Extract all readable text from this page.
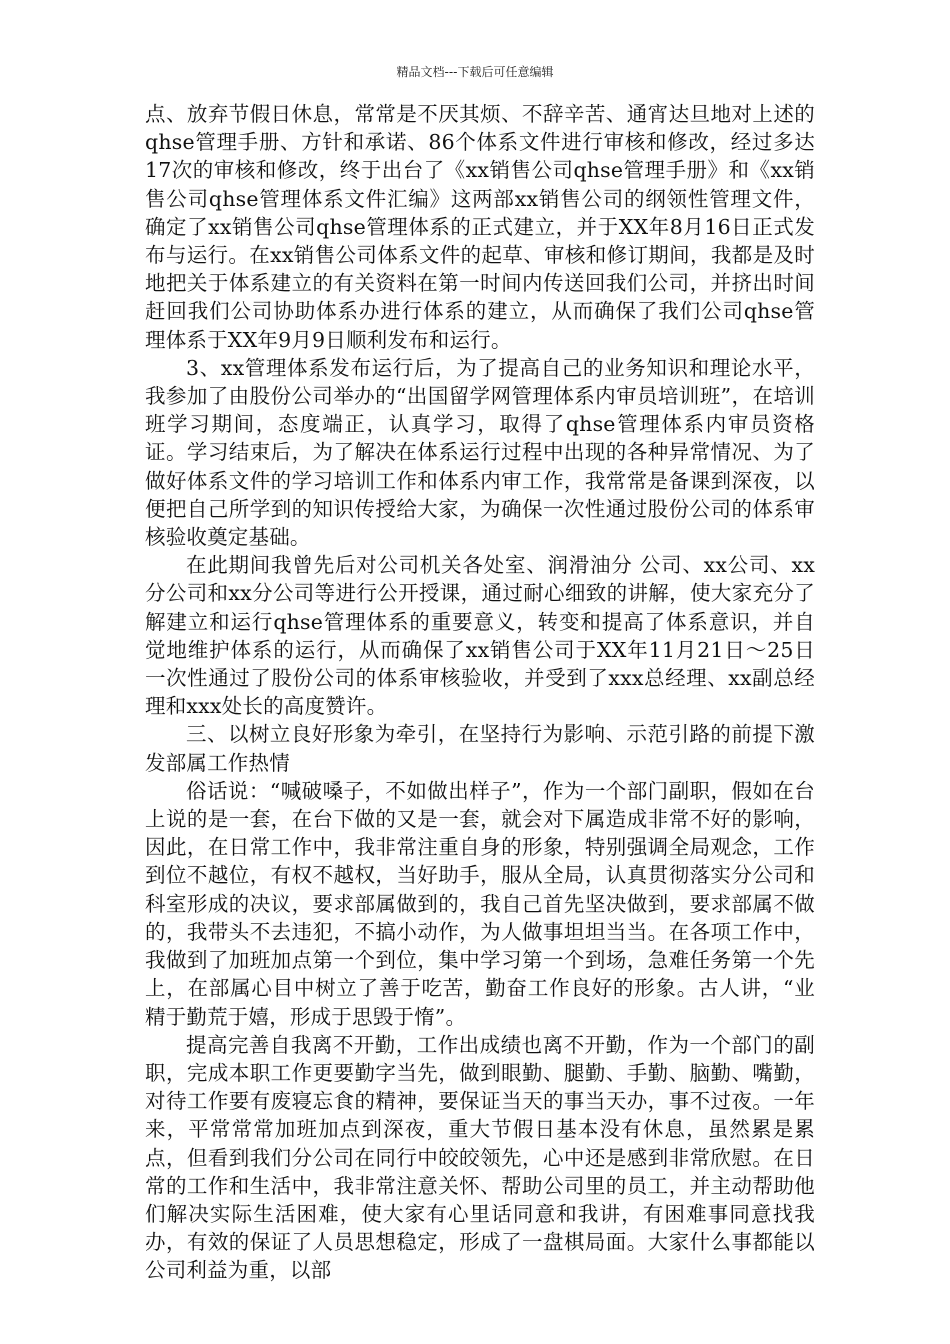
精品文档---下载后可任意编辑

点、放弃节假日休息，常常是不厌其烦、不辞辛苦、通宵达旦地对上述的qhse管理手册、方针和承诺、86个体系文件进行审核和修改，经过多达17次的审核和修改，终于出台了《xx销售公司qhse管理手册》和《xx销售公司qhse管理体系文件汇编》这两部xx销售公司的纲领性管理文件，确定了xx销售公司qhse管理体系的正式建立，并于XX年8月16日正式发布与运行。在xx销售公司体系文件的起草、审核和修订期间，我都是及时地把关于体系建立的有关资料在第一时间内传送回我们公司，并挤出时间赶回我们公司协助体系办进行体系的建立，从而确保了我们公司qhse管理体系于XX年9月9日顺利发布和运行。

3、xx管理体系发布运行后，为了提高自己的业务知识和理论水平，我参加了由股份公司举办的“出国留学网管理体系内审员培训班”，在培训班学习期间，态度端正，认真学习，取得了qhse管理体系内审员资格证。学习结束后，为了解决在体系运行过程中出现的各种异常情况、为了做好体系文件的学习培训工作和体系内审工作，我常常是备课到深夜，以便把自己所学到的知识传授给大家，为确保一次性通过股份公司的体系审核验收奠定基础。

在此期间我曾先后对公司机关各处室、润滑油分 公司、xx公司、xx分公司和xx分公司等进行公开授课，通过耐心细致的讲解，使大家充分了解建立和运行qhse管理体系的重要意义，转变和提高了体系意识，并自觉地维护体系的运行，从而确保了xx销售公司于XX年11月21日～25日一次性通过了股份公司的体系审核验收，并受到了xxx总经理、xx副总经理和xxx处长的高度赞许。

三、以树立良好形象为牵引，在坚持行为影响、示范引路的前提下激发部属工作热情

俗话说：“喊破嗓子，不如做出样子”，作为一个部门副职，假如在台上说的是一套，在台下做的又是一套，就会对下属造成非常不好的影响，因此，在日常工作中，我非常注重自身的形象，特别强调全局观念，工作到位不越位，有权不越权，当好助手，服从全局，认真贯彻落实分公司和科室形成的决议，要求部属做到的，我自己首先坚决做到，要求部属不做的，我带头不去违犯，不搞小动作，为人做事坦坦当当。在各项工作中，我做到了加班加点第一个到位，集中学习第一个到场，急难任务第一个先上，在部属心目中树立了善于吃苦，勤奋工作良好的形象。古人讲，“业精于勤荒于嬉，形成于思毁于惰”。

提高完善自我离不开勤，工作出成绩也离不开勤，作为一个部门的副职，完成本职工作更要勤字当先，做到眼勤、腿勤、手勤、脑勤、嘴勤，对待工作要有废寝忘食的精神，要保证当天的事当天办，事不过夜。一年来，平常常常加班加点到深夜，重大节假日基本没有休息，虽然累是累点，但看到我们分公司在同行中皎皎领先，心中还是感到非常欣慰。在日常的工作和生活中，我非常注意关怀、帮助公司里的员工，并主动帮助他们解决实际生活困难，使大家有心里话同意和我讲，有困难事同意找我办，有效的保证了人员思想稳定，形成了一盘棋局面。大家什么事都能以公司利益为重，以部
